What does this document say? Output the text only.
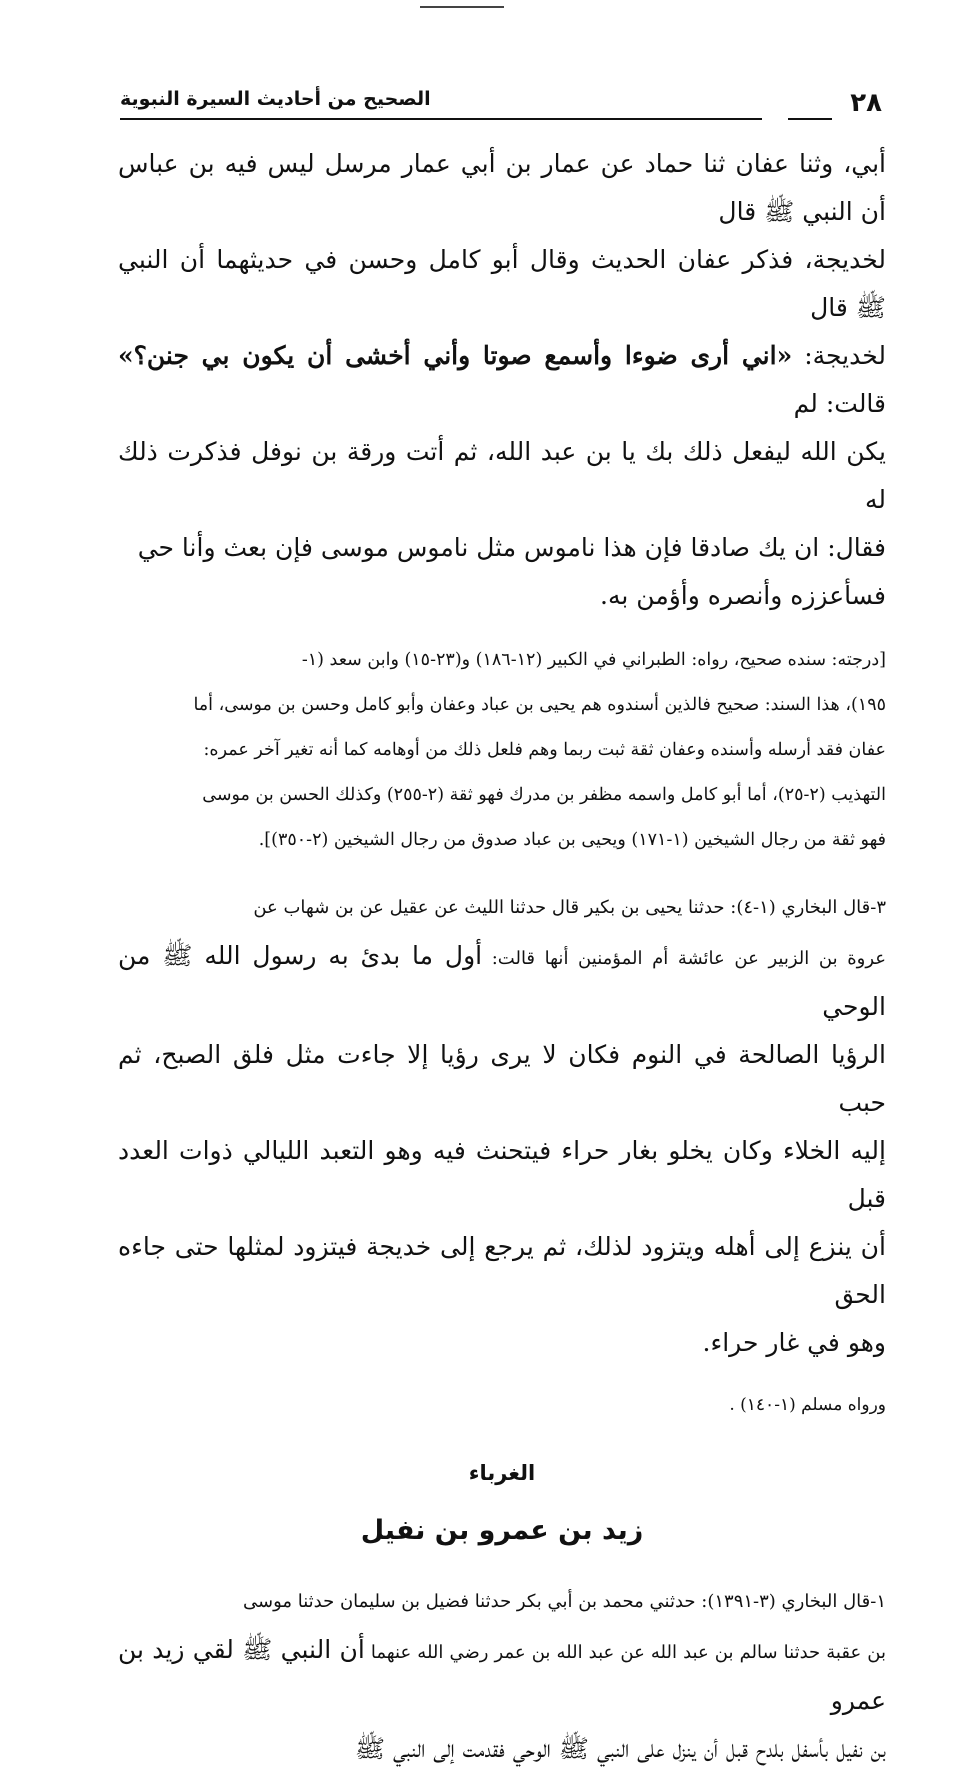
٢٨
الصحيح من أحاديث السيرة النبوية

أبي، وثنا عفان ثنا حماد عن عمار بن أبي عمار مرسل ليس فيه بن عباس أن النبي ﷺ قال
لخديجة، فذكر عفان الحديث وقال أبو كامل وحسن في حديثهما أن النبي ﷺ قال
لخديجة: «اني أرى ضوءا وأسمع صوتا وأني أخشى أن يكون بي جنن؟» قالت: لم
يكن الله ليفعل ذلك بك يا بن عبد الله، ثم أتت ورقة بن نوفل فذكرت ذلك له
فقال: ان يك صادقا فإن هذا ناموس مثل ناموس موسى فإن بعث وأنا حي
فسأعززه وأنصره وأؤمن به.

[درجته: سنده صحيح، رواه: الطبراني في الكبير (١٢-١٨٦) و(٢٣-١٥) وابن سعد (١-
١٩٥)، هذا السند: صحيح فالذين أسندوه هم يحيى بن عباد وعفان وأبو كامل وحسن بن موسى، أما
عفان فقد أرسله وأسنده وعفان ثقة ثبت ربما وهم فلعل ذلك من أوهامه كما أنه تغير آخر عمره:
التهذيب (٢-٢٥)، أما أبو كامل واسمه مظفر بن مدرك فهو ثقة (٢-٢٥٥) وكذلك الحسن بن موسى
فهو ثقة من رجال الشيخين (١-١٧١) ويحيى بن عباد صدوق من رجال الشيخين (٢-٣٥٠)].

٣-قال البخاري (١-٤): حدثنا يحيى بن بكير قال حدثنا الليث عن عقيل عن بن شهاب عن
عروة بن الزبير عن عائشة أم المؤمنين أنها قالت: أول ما بدئ به رسول الله ﷺ من الوحي
الرؤيا الصالحة في النوم فكان لا يرى رؤيا إلا جاءت مثل فلق الصبح، ثم حبب
إليه الخلاء وكان يخلو بغار حراء فيتحنث فيه وهو التعبد الليالي ذوات العدد قبل
أن ينزع إلى أهله ويتزود لذلك، ثم يرجع إلى خديجة فيتزود لمثلها حتى جاءه الحق
وهو في غار حراء.

ورواه مسلم (١-١٤٠) .

الغرباء
زيد بن عمرو بن نفيل

١-قال البخاري (٣-١٣٩١): حدثني محمد بن أبي بكر حدثنا فضيل بن سليمان حدثنا موسى
بن عقبة حدثنا سالم بن عبد الله عن عبد الله بن عمر رضي الله عنهما أن النبي ﷺ لقي زيد بن عمرو
بن نفيل بأسفل بلدح قبل أن ينزل على النبي ﷺ الوحي فقدمت إلى النبي ﷺ
